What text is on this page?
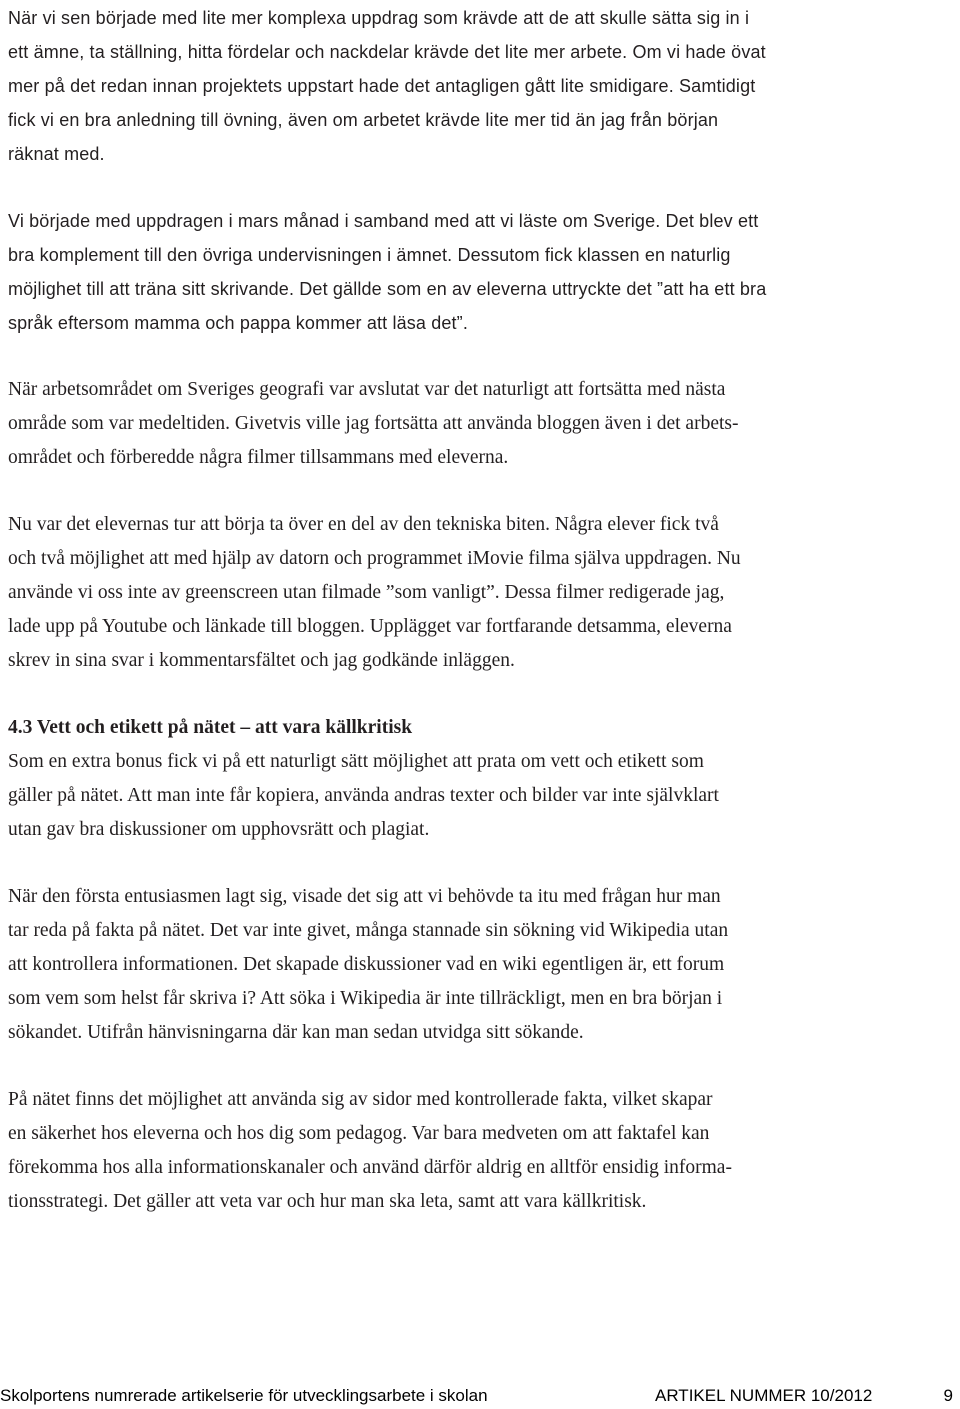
När vi sen började med lite mer komplexa uppdrag som krävde att de att skulle sätta sig in i
ett ämne, ta ställning, hitta fördelar och nackdelar krävde det lite mer arbete. Om vi hade övat
mer på det redan innan projektets uppstart hade det antagligen gått lite smidigare. Samtidigt
fick vi en bra anledning till övning, även om arbetet krävde lite mer tid än jag från början
räknat med.
Vi började med uppdragen i mars månad i samband med att vi läste om Sverige. Det blev ett
bra komplement till den övriga undervisningen i ämnet. Dessutom fick klassen en naturlig
möjlighet till att träna sitt skrivande. Det gällde som en av eleverna uttryckte det ”att ha ett bra
språk eftersom mamma och pappa kommer att läsa det”.
När arbetsområdet om Sveriges geografi var avslutat var det naturligt att fortsätta med nästa
område som var medeltiden. Givetvis ville jag fortsätta att använda bloggen även i det arbets-
området och förberedde några filmer tillsammans med eleverna.
Nu var det elevernas tur att börja ta över en del av den tekniska biten. Några elever fick två
och två möjlighet att med hjälp av datorn och programmet iMovie filma själva uppdragen. Nu
använde vi oss inte av greenscreen utan filmade ”som vanligt”. Dessa filmer redigerade jag,
lade upp på Youtube och länkade till bloggen. Upplägget var fortfarande detsamma, eleverna
skrev in sina svar i kommentarsfältet och jag godkände inläggen.
4.3 Vett och etikett på nätet – att vara källkritisk
Som en extra bonus fick vi på ett naturligt sätt möjlighet att prata om vett och etikett som
gäller på nätet. Att man inte får kopiera, använda andras texter och bilder var inte självklart
utan gav bra diskussioner om upphovsrätt och plagiat.
När den första entusiasmen lagt sig, visade det sig att vi behövde ta itu med frågan hur man
tar reda på fakta på nätet. Det var inte givet, många stannade sin sökning vid Wikipedia utan
att kontrollera informationen. Det skapade diskussioner vad en wiki egentligen är, ett forum
som vem som helst får skriva i? Att söka i Wikipedia är inte tillräckligt, men en bra början i
sökandet. Utifrån hänvisningarna där kan man sedan utvidga sitt sökande.
På nätet finns det möjlighet att använda sig av sidor med kontrollerade fakta, vilket skapar
en säkerhet hos eleverna och hos dig som pedagog. Var bara medveten om att faktafel kan
förekomma hos alla informationskanaler och använd därför aldrig en alltför ensidig informa-
tionsstrategi. Det gäller att veta var och hur man ska leta, samt att vara källkritisk.
Skolportens numrerade artikelserie för utvecklingsarbete i skolan	ARTIKEL NUMMER 10/2012	9
